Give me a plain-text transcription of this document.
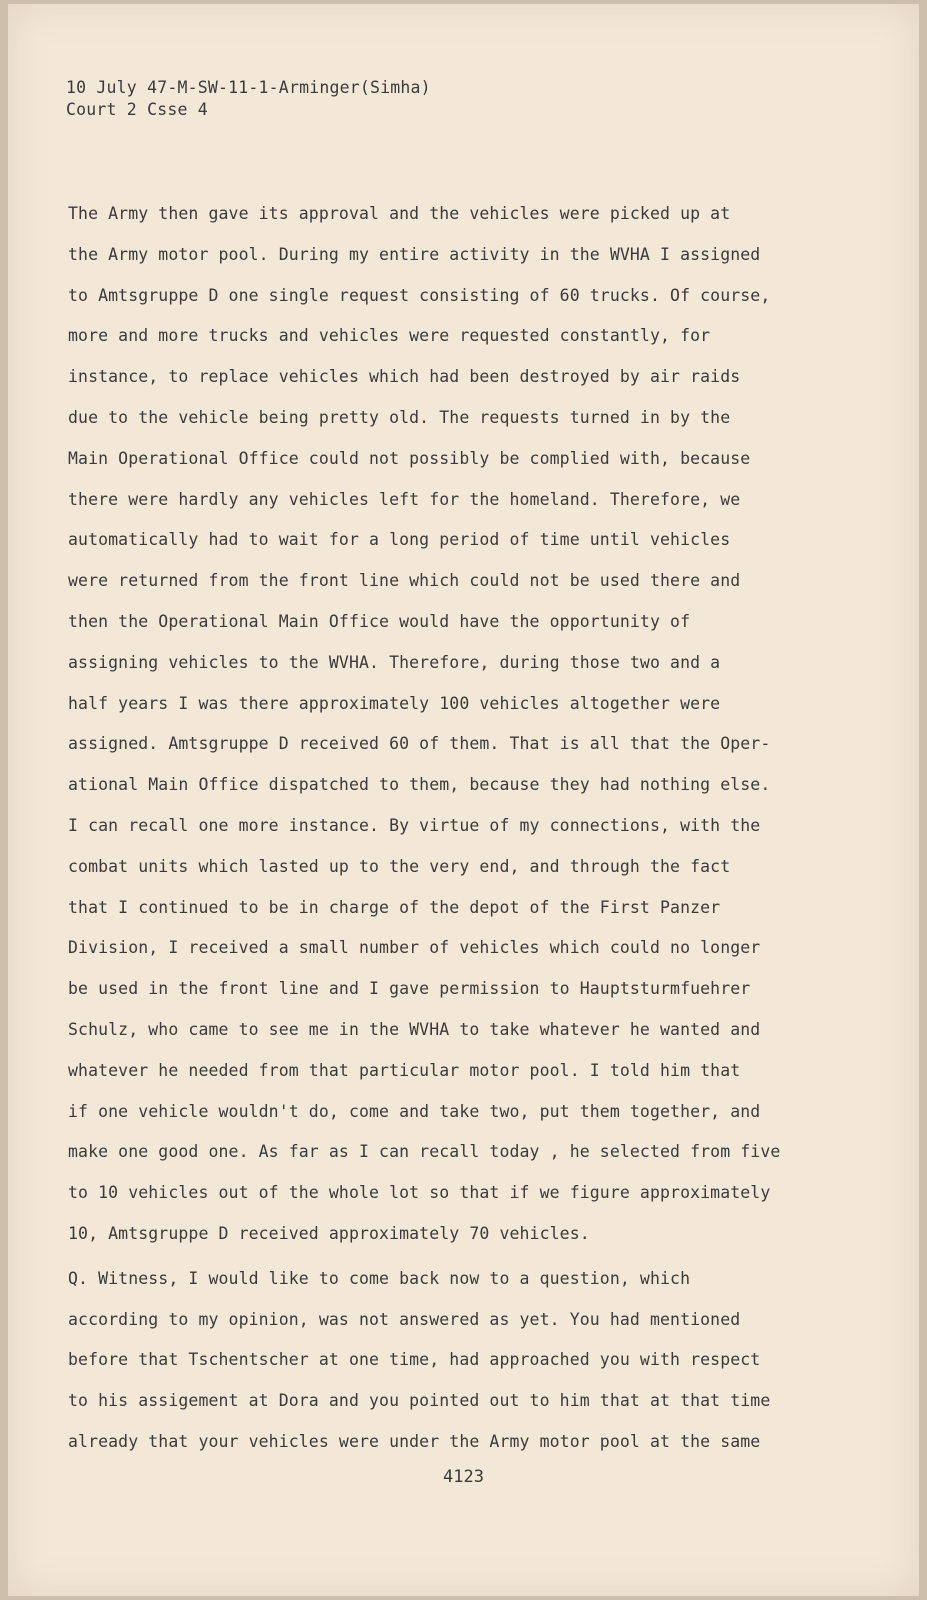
10 July 47-M-SW-11-1-Arminger(Simha)
Court 2 Csse 4
The Army then gave its approval and the vehicles were picked up at
the Army motor pool. During my entire activity in the WVHA I assigned
to Amtsgruppe D one single request consisting of 60 trucks. Of course,
more and more trucks and vehicles were requested constantly, for
instance, to replace vehicles which had been destroyed by air raids
due to the vehicle being pretty old. The requests turned in by the
Main Operational Office could not possibly be complied with, because
there were hardly any vehicles left for the homeland. Therefore, we
automatically had to wait for a long period of time until vehicles
were returned from the front line which could not be used there and
then the Operational Main Office would have the opportunity of
assigning vehicles to the WVHA. Therefore, during those two and a
half years I was there approximately 100 vehicles altogether were
assigned. Amtsgruppe D received 60 of them. That is all that the Oper-
ational Main Office dispatched to them, because they had nothing else.
I can recall one more instance. By virtue of my connections, with the
combat units which lasted up to the very end, and through the fact
that I continued to be in charge of the depot of the First Panzer
Division, I received a small number of vehicles which could no longer
be used in the front line and I gave permission to Hauptsturmfuehrer
Schulz, who came to see me in the WVHA to take whatever he wanted and
whatever he needed from that particular motor pool. I told him that
if one vehicle wouldn't do, come and take two, put them together, and
make one good one. As far as I can recall today , he selected from five
to 10 vehicles out of the whole lot so that if we figure approximately
10, Amtsgruppe D received approximately 70 vehicles.
Q. Witness, I would like to come back now to a question, which
according to my opinion, was not answered as yet. You had mentioned
before that Tschentscher at one time, had approached you with respect
to his assigement at Dora and you pointed out to him that at that time
already that your vehicles were under the Army motor pool at the same
4123
